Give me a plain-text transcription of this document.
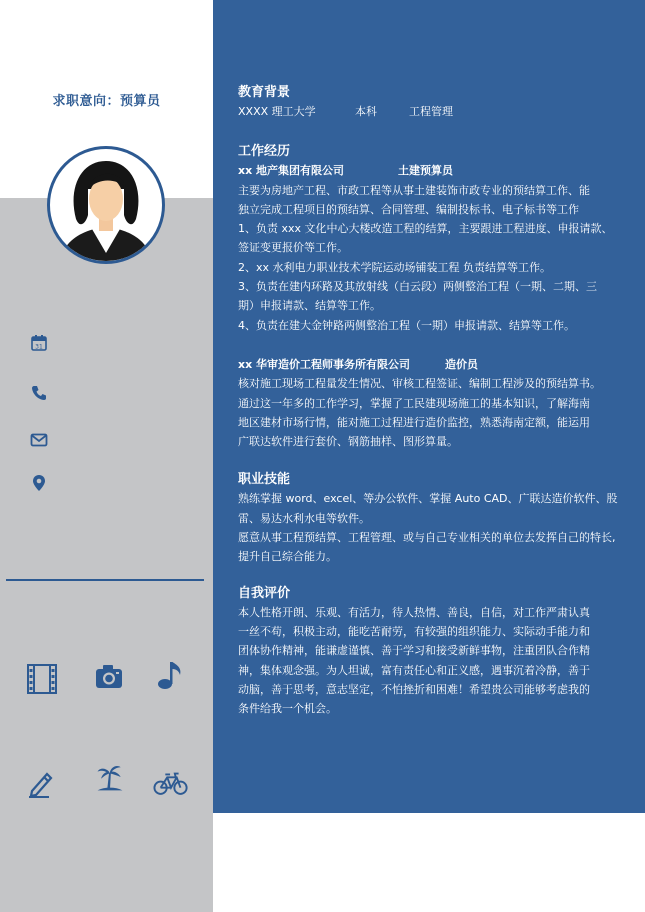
求职意向：预算员
31

教育背景

XXXX 理工大学	本科	工程管理

工作经历

xx 地产集团有限公司	土建预算员

主要为房地产工程、市政工程等从事土建装饰市政专业的预结算工作、能

独立完成工程项目的预结算、合同管理、编制投标书、电子标书等工作

1、负责 xxx 文化中心大楼改造工程的结算，主要跟进工程进度、申报请款、

签证变更报价等工作。

2、xx 水利电力职业技术学院运动场铺装工程 负责结算等工作。

3、负责在建内环路及其放射线（白云段）两侧整治工程（一期、二期、三

期）申报请款、结算等工作。

4、负责在建大金钟路两侧整治工程（一期）申报请款、结算等工作。

xx 华审造价工程师事务所有限公司	造价员

核对施工现场工程量发生情况、审核工程签证、编制工程涉及的预结算书。

通过这一年多的工作学习，掌握了工民建现场施工的基本知识，了解海南

地区建材市场行情，能对施工过程进行造价监控，熟悉海南定额，能运用

广联达软件进行套价、钢筋抽样、图形算量。

职业技能

熟练掌握 word、excel、等办公软件、掌握 Auto CAD、广联达造价软件、股

雷、易达水利水电等软件。

愿意从事工程预结算、工程管理、或与自己专业相关的单位去发挥自己的特长,

提升自己综合能力。

自我评价

本人性格开朗、乐观、有活力，待人热情、善良，自信，对工作严肃认真

一丝不苟，积极主动，能吃苦耐劳，有较强的组织能力、实际动手能力和

团体协作精神，能谦虚谨慎、善于学习和接受新鲜事物，注重团队合作精

神，集体观念强。为人坦诚，富有责任心和正义感，遇事沉着冷静，善于

动脑，善于思考，意志坚定，不怕挫折和困难！希望贵公司能够考虑我的

条件给我一个机会。
